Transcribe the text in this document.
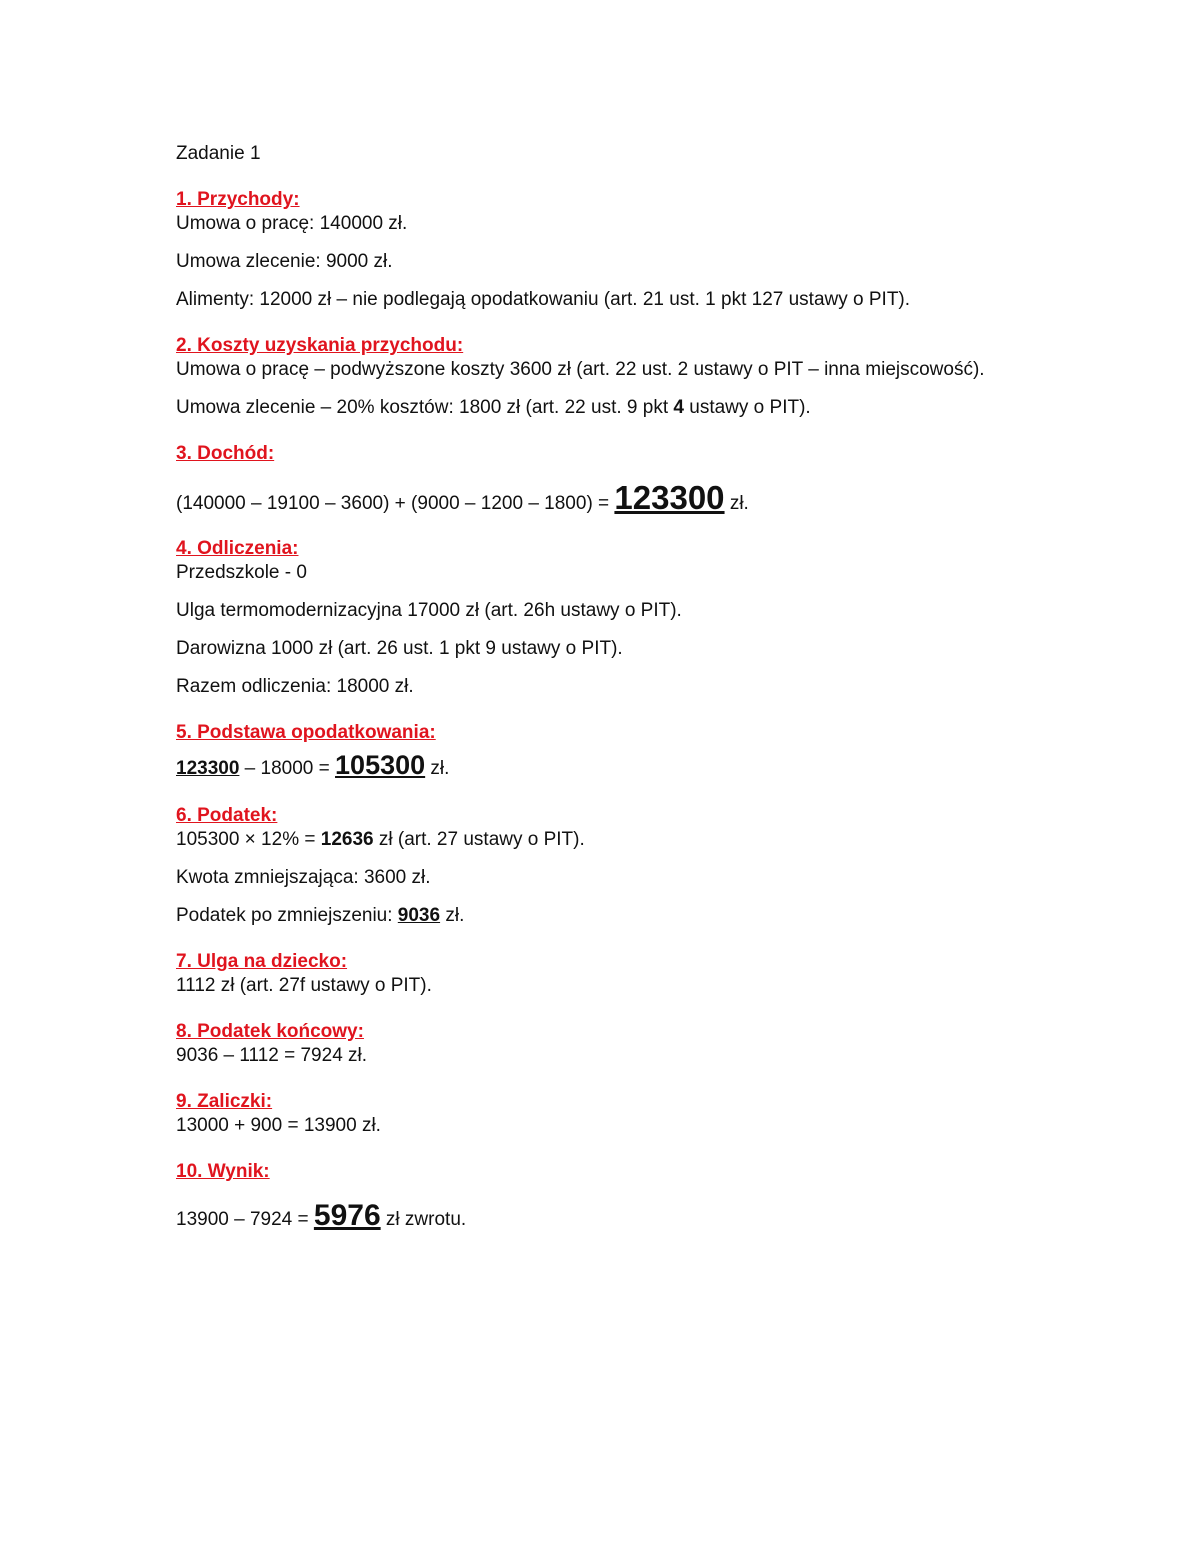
Zadanie 1

1. Przychody:

Umowa o pracę: 140000 zł.

Umowa zlecenie: 9000 zł.

Alimenty: 12000 zł – nie podlegają opodatkowaniu (art. 21 ust. 1 pkt 127 ustawy o PIT).

2. Koszty uzyskania przychodu:

Umowa o pracę – podwyższone koszty 3600 zł (art. 22 ust. 2 ustawy o PIT – inna miejscowość).

Umowa zlecenie – 20% kosztów: 1800 zł (art. 22 ust. 9 pkt 4 ustawy o PIT).

3. Dochód:

(140000 – 19100 – 3600) + (9000 – 1200 – 1800) = 123300 zł.

4. Odliczenia:

Przedszkole - 0

Ulga termomodernizacyjna 17000 zł (art. 26h ustawy o PIT).

Darowizna 1000 zł (art. 26 ust. 1 pkt 9 ustawy o PIT).

Razem odliczenia: 18000 zł.

5. Podstawa opodatkowania:

123300 – 18000 = 105300 zł.

6. Podatek:

105300 × 12% = 12636 zł (art. 27 ustawy o PIT).

Kwota zmniejszająca: 3600 zł.

Podatek po zmniejszeniu: 9036 zł.

7. Ulga na dziecko:

1112 zł (art. 27f ustawy o PIT).

8. Podatek końcowy:

9036 – 1112 = 7924 zł.

9. Zaliczki:

13000 + 900 = 13900 zł.

10. Wynik:

13900 – 7924 = 5976 zł zwrotu.
